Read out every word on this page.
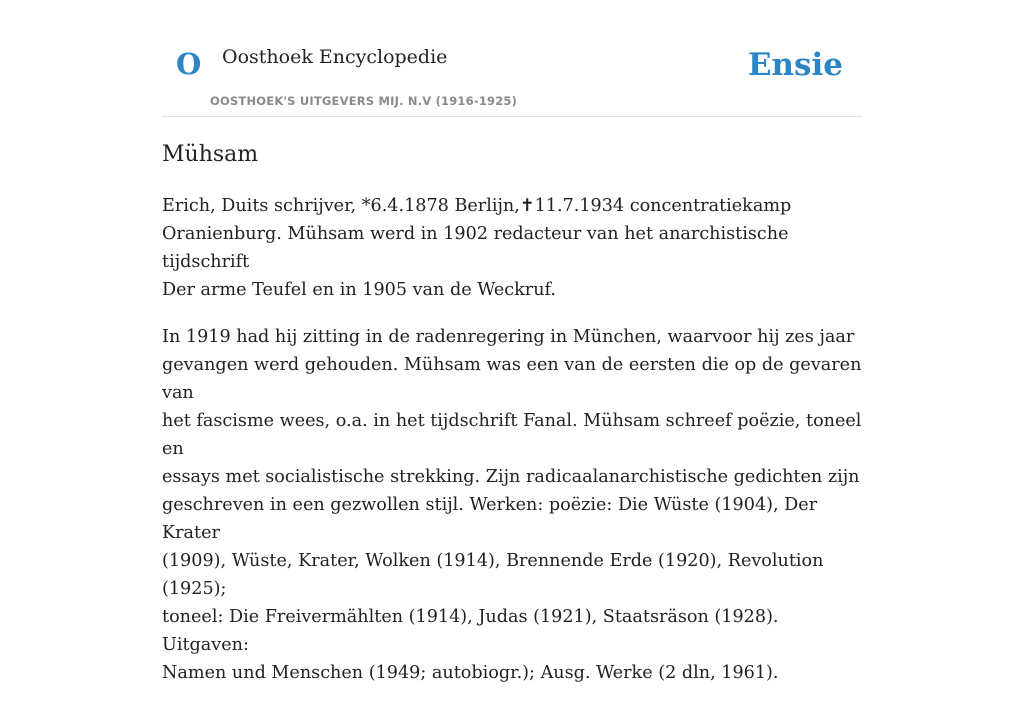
O Oosthoek Encyclopedie
OOSTHOEK'S UITGEVERS MIJ. N.V (1916-1925)
Ensie
Mühsam

Erich, Duits schrijver, *6.4.1878 Berlijn,✝11.7.1934 concentratiekamp
Oranienburg. Mühsam werd in 1902 redacteur van het anarchistische tijdschrift
Der arme Teufel en in 1905 van de Weckruf.

In 1919 had hij zitting in de radenregering in München, waarvoor hij zes jaar
gevangen werd gehouden. Mühsam was een van de eersten die op de gevaren van
het fascisme wees, o.a. in het tijdschrift Fanal. Mühsam schreef poëzie, toneel en
essays met socialistische strekking. Zijn radicaalanarchistische gedichten zijn
geschreven in een gezwollen stijl. Werken: poëzie: Die Wüste (1904), Der Krater
(1909), Wüste, Krater, Wolken (1914), Brennende Erde (1920), Revolution (1925);
toneel: Die Freivermählten (1914), Judas (1921), Staatsräson (1928). Uitgaven:
Namen und Menschen (1949; autobiogr.); Ausg. Werke (2 dln, 1961).
